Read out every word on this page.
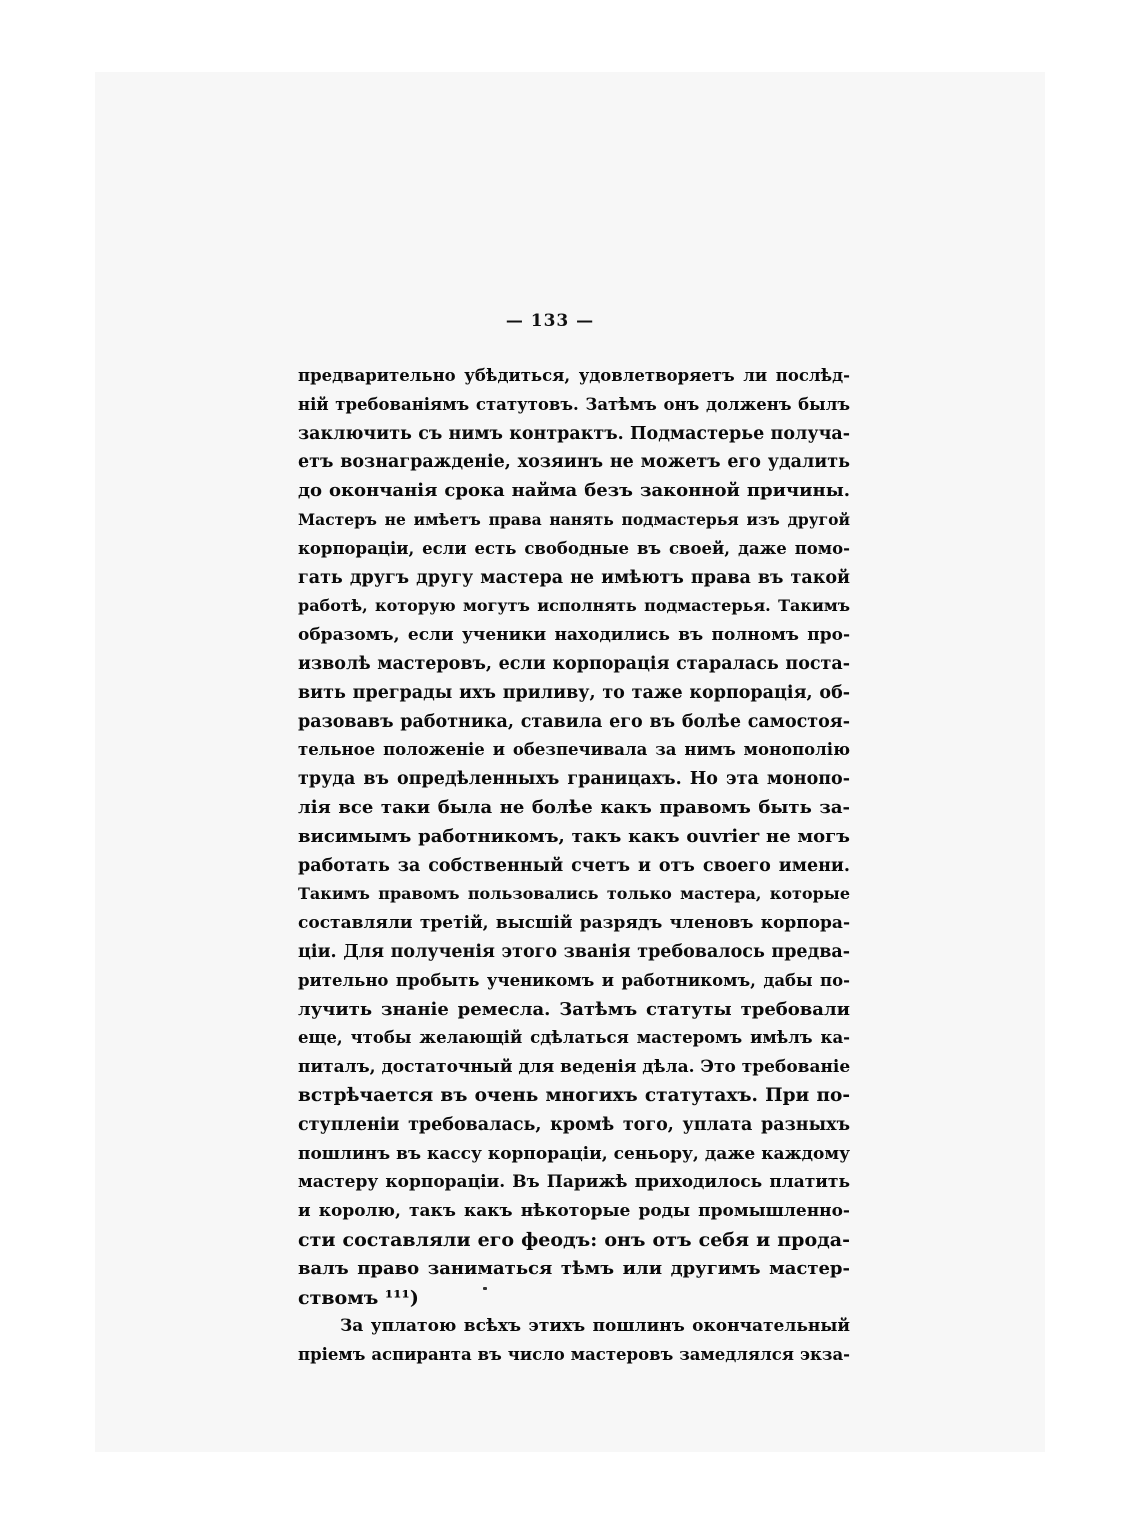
— 133 —
предварительно убѣдиться, удовлетворяетъ ли послѣд-
ній требованіямъ статутовъ. Затѣмъ онъ долженъ былъ
заключить съ нимъ контрактъ. Подмастерье получа-
етъ вознагражденіе, хозяинъ не можетъ его удалить
до окончанія срока найма безъ законной причины.
Мастеръ не имѣетъ права нанять подмастерья изъ другой
корпораціи, если есть свободные въ своей, даже помо-
гать другъ другу мастера не имѣютъ права въ такой
работѣ, которую могутъ исполнять подмастерья. Такимъ
образомъ, если ученики находились въ полномъ про-
изволѣ мастеровъ, если корпорація старалась поста-
вить преграды ихъ приливу, то таже корпорація, об-
разовавъ работника, ставила его въ болѣе самостоя-
тельное положеніе и обезпечивала за нимъ монополію
труда въ опредѣленныхъ границахъ. Но эта монопо-
лія все таки была не болѣе какъ правомъ быть за-
висимымъ работникомъ, такъ какъ ouvrier не могъ
работать за собственный счетъ и отъ своего имени.
Такимъ правомъ пользовались только мастера, которые
составляли третій, высшій разрядъ членовъ корпора-
ціи. Для полученія этого званія требовалось предва-
рительно пробыть ученикомъ и работникомъ, дабы по-
лучить знаніе ремесла. Затѣмъ статуты требовали
еще, чтобы желающій сдѣлаться мастеромъ имѣлъ ка-
питалъ, достаточный для веденія дѣла. Это требованіе
встрѣчается въ очень многихъ статутахъ. При по-
ступленіи требовалась, кромѣ того, уплата разныхъ
пошлинъ въ кассу корпораціи, сеньору, даже каждому
мастеру корпораціи. Въ Парижѣ приходилось платить
и королю, такъ какъ нѣкоторые роды промышленно-
сти составляли его феодъ: онъ отъ себя и прода-
валъ право заниматься тѣмъ или другимъ мастер-
ствомъ ¹¹¹)
За уплатою всѣхъ этихъ пошлинъ окончательный
пріемъ аспиранта въ число мастеровъ замедлялся экза-
